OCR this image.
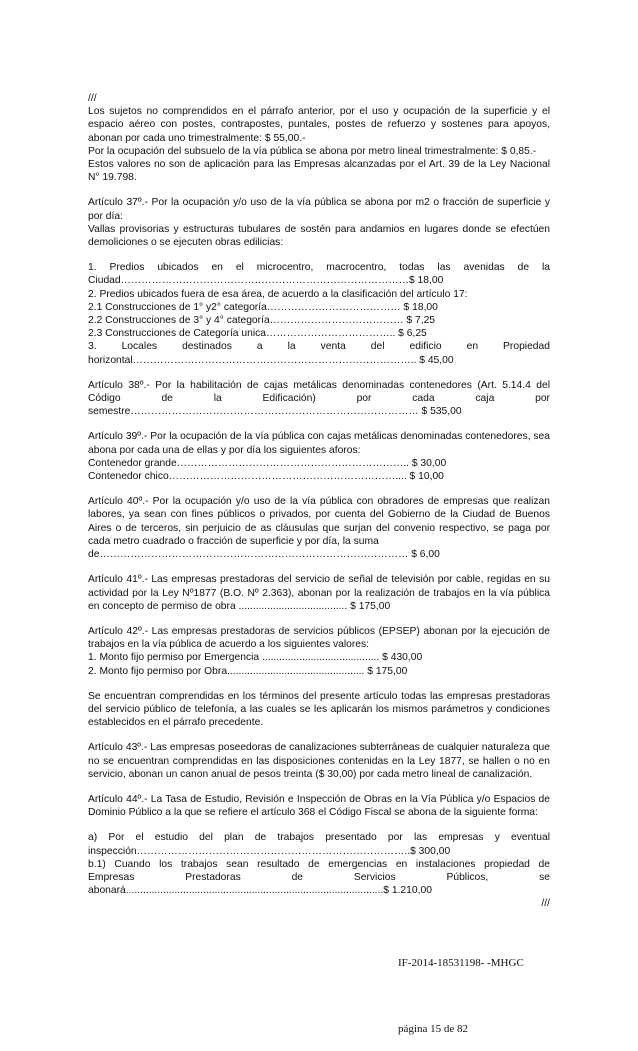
///
Los sujetos no comprendidos en el párrafo anterior, por el uso y ocupación de la superficie y el espacio aéreo con postes, contrapostes, puntales, postes de refuerzo y sostenes para apoyos, abonan por cada uno trimestralmente: $ 55,00.-
Por la ocupación del subsuelo de la vía pública se abona por metro lineal trimestralmente: $ 0,85.-
Estos valores no son de aplicación para las Empresas alcanzadas por el Art. 39 de la Ley Nacional N° 19.798.
Artículo 37º.- Por la ocupación y/o uso de la vía pública se abona por m2 o fracción de superficie y por día:
Vallas provisorias y estructuras tubulares de sostén para andamios en lugares donde se efectúen demoliciones o se ejecuten obras edilicias:
1. Predios ubicados en el microcentro, macrocentro, todas las avenidas de la
Ciudad…………………………………………………………………………$ 18,00
2. Predios ubicados fuera de esa área, de acuerdo a la clasificación del artículo 17:
2.1 Construcciones de 1° y2° categoría………………………………… $ 18,00
2.2 Construcciones de 3° y 4° categoría………………………………… $ 7,25
2.3 Construcciones de Categoría unica……………………………….. $ 6,25
3. Locales destinados a la venta del edificio en Propiedad
horizontal……………………………………………………………………….. $ 45,00
Artículo 38º.- Por la habilitación de cajas metálicas denominadas contenedores (Art. 5.14.4 del
Código de la Edificación) por cada caja por
semestre………………………………………………………………………… $ 535,00
Artículo 39º.- Por la ocupación de la vía pública con cajas metálicas denominadas contenedores, sea abona por cada una de ellas y por día los siguientes aforos:
Contenedor grande………………………………………………………….. $ 30,00
Contenedor chico………………………………………………………….... $ 10,00
Artículo 40º.- Por la ocupación y/o uso de la vía pública con obradores de empresas que realizan labores, ya sean con fines públicos o privados, por cuenta del Gobierno de la Ciudad de Buenos Aires o de terceros, sin perjuicio de as cláusulas que surjan del convenio respectivo, se paga por cada metro cuadrado o fracción de superficie y por día, la suma
de……………………………………………………………………………… $ 6,00
Artículo 41º.- Las empresas prestadoras del servicio de señal de televisión por cable, regidas en su actividad por la Ley Nº1877 (B.O. Nº 2.363), abonan por la realización de trabajos en la vía pública en concepto de permiso de obra ...................................... $ 175,00
Artículo 42º.- Las empresas prestadoras de servicios públicos (EPSEP) abonan por la ejecución de trabajos en la vía pública de acuerdo a los siguientes valores:
1. Monto fijo permiso por Emergencia ......................................... $ 430,00
2. Monto fijo permiso por Obra................................................ $ 175,00
Se encuentran comprendidas en los términos del presente artículo todas las empresas prestadoras del servicio público de telefonía, a las cuales se les aplicarán los mismos parámetros y condiciones establecidos en el párrafo precedente.
Artículo 43º.- Las empresas poseedoras de canalizaciones subterráneas de cualquier naturaleza que no se encuentran comprendidas en las disposiciones contenidas en la Ley 1877, se hallen o no en servicio, abonan un canon anual de pesos treinta ($ 30,00) por cada metro lineal de canalización.
Artículo 44º.- La Tasa de Estudio, Revisión e Inspección de Obras en la Vía Pública y/o Espacios de Dominio Público a la que se refiere el artículo 368 el Código Fiscal se abona de la siguiente forma:
a) Por el estudio del plan de trabajos presentado por las empresas y eventual
inspección……………………………………………………………………..$ 300,00
b.1) Cuando los trabajos sean resultado de emergencias en instalaciones propiedad de
Empresas Prestadoras de Servicios Públicos, se
abonará..........................................................................................$ 1.210,00
///
IF-2014-18531198- -MHGC
página 15 de 82
